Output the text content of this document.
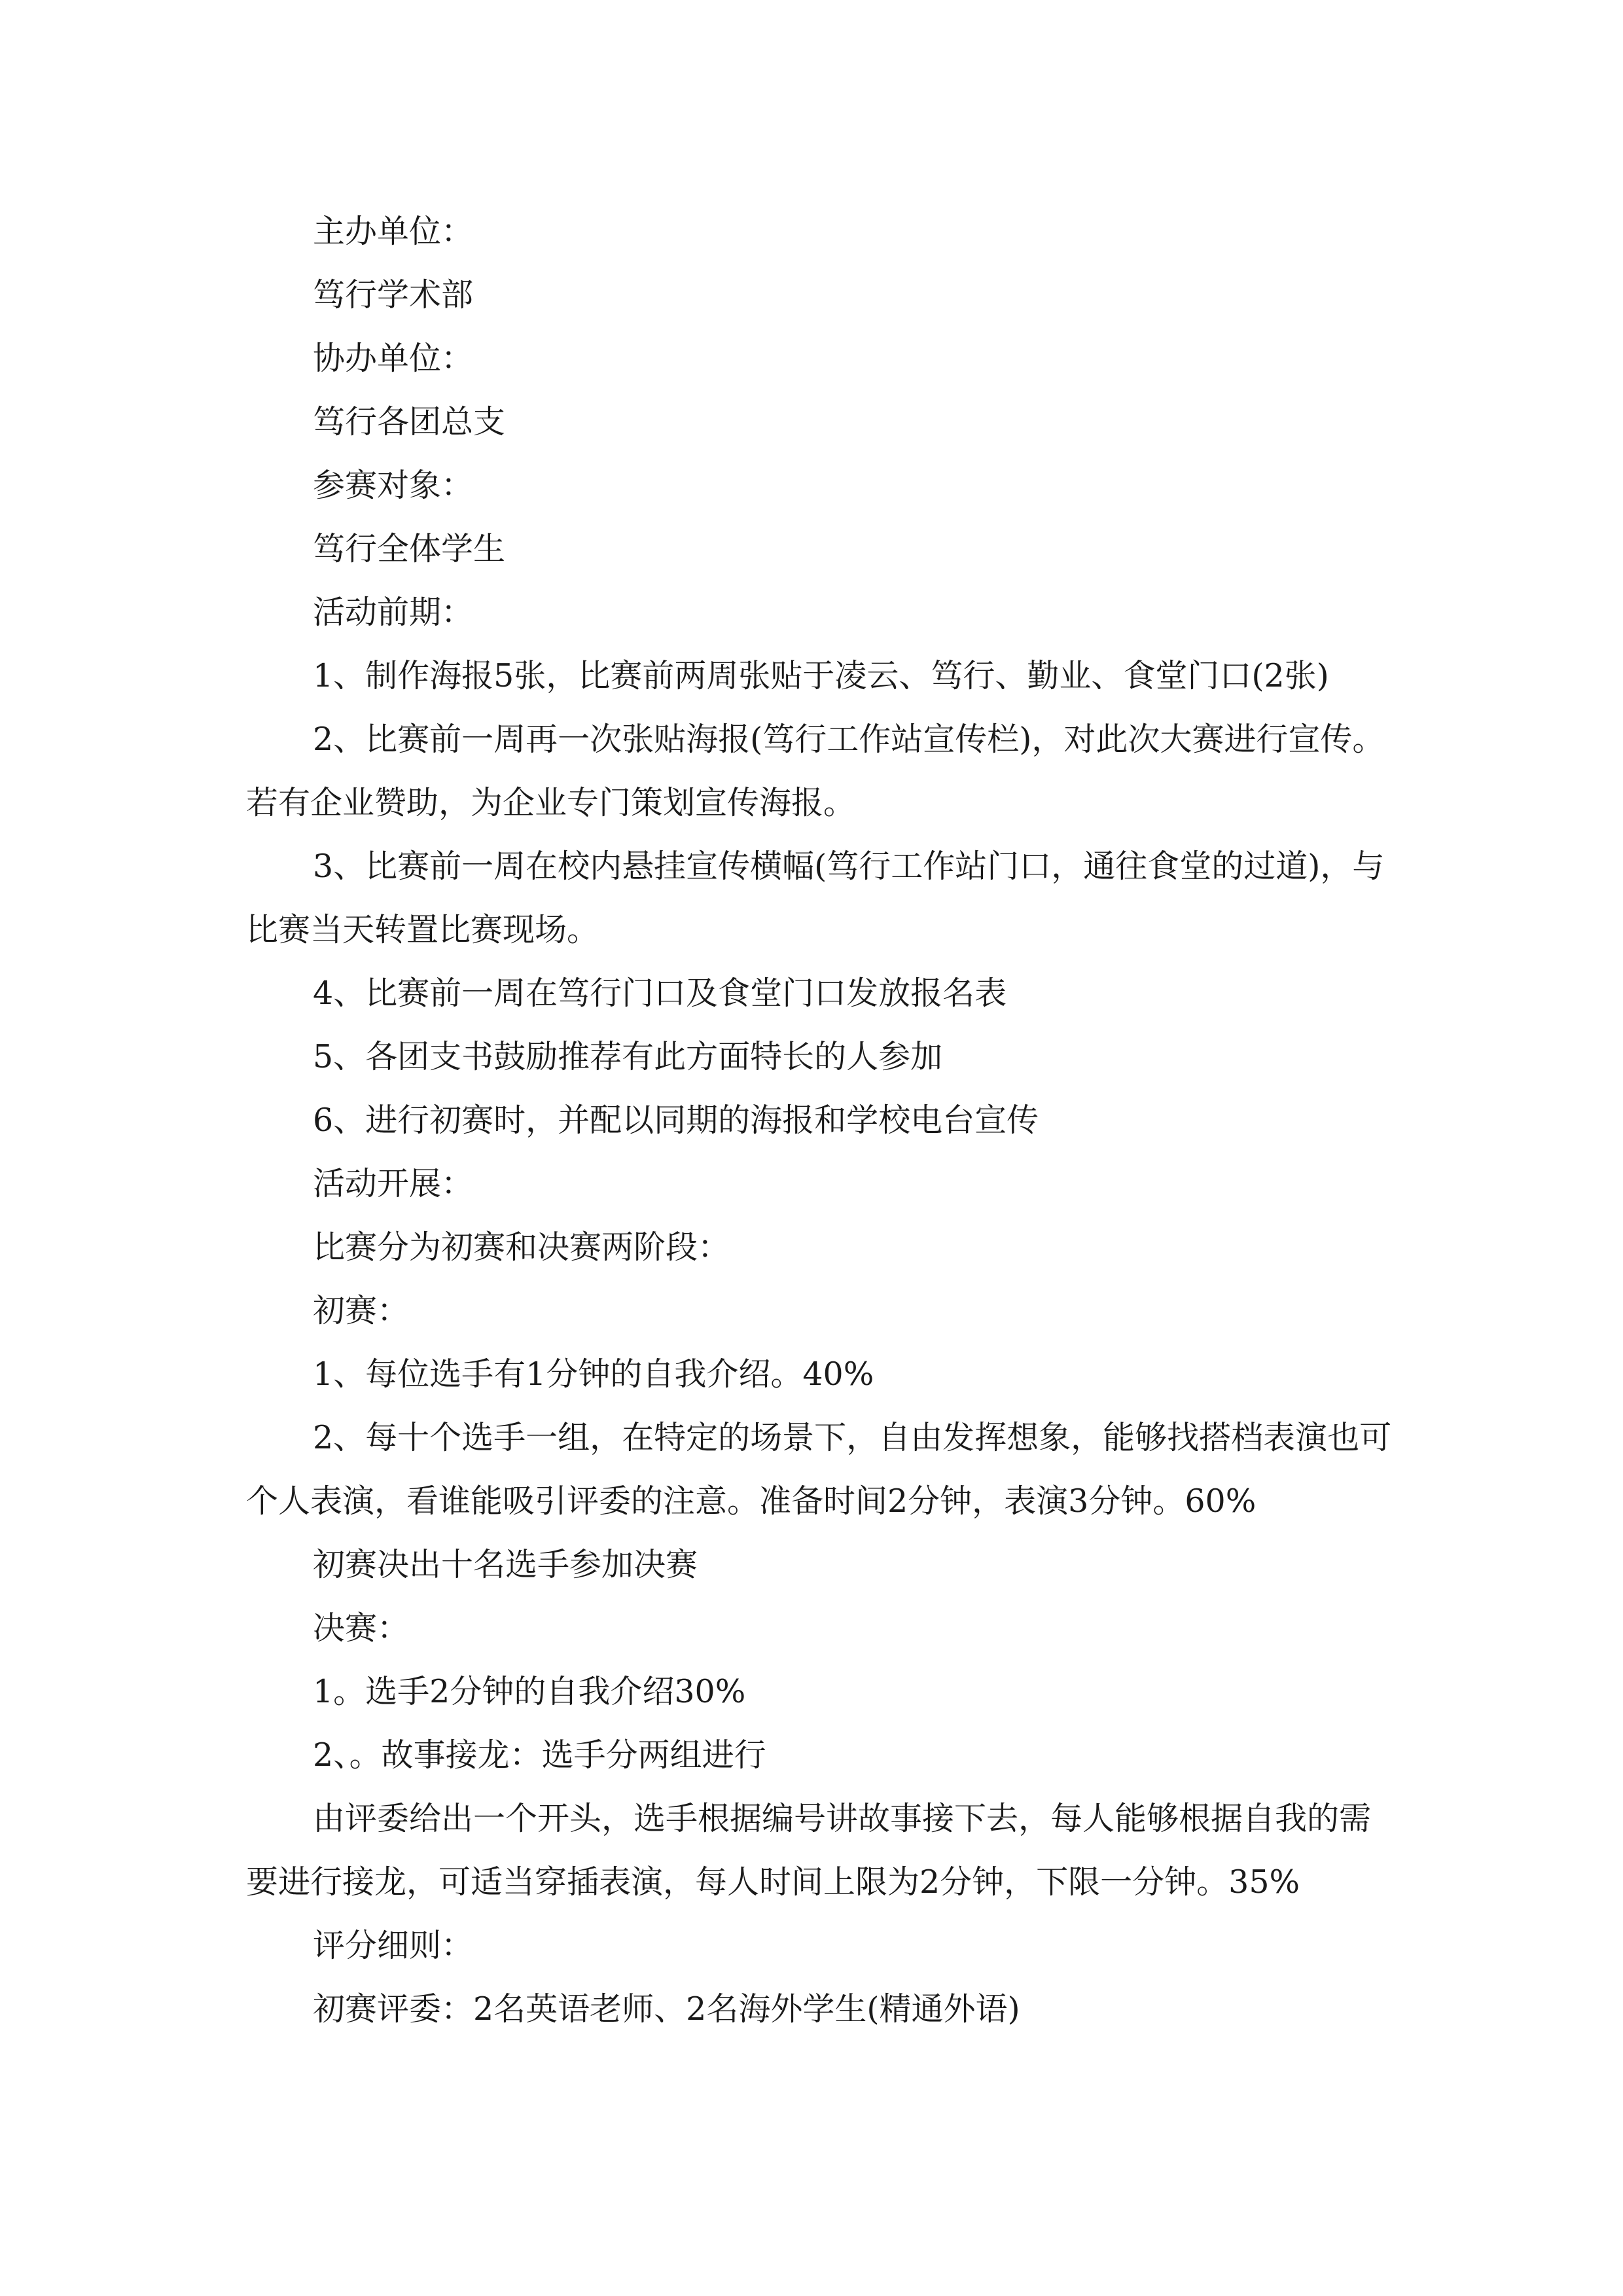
主办单位：

笃行学术部

协办单位：

笃行各团总支

参赛对象：

笃行全体学生

活动前期：

1、制作海报5张，比赛前两周张贴于凌云、笃行、勤业、食堂门口(2张)

2、比赛前一周再一次张贴海报(笃行工作站宣传栏)，对此次大赛进行宣传。若有企业赞助，为企业专门策划宣传海报。

3、比赛前一周在校内悬挂宣传横幅(笃行工作站门口，通往食堂的过道)，与比赛当天转置比赛现场。

4、比赛前一周在笃行门口及食堂门口发放报名表

5、各团支书鼓励推荐有此方面特长的人参加

6、进行初赛时，并配以同期的海报和学校电台宣传

活动开展：

比赛分为初赛和决赛两阶段：

初赛：

1、每位选手有1分钟的自我介绍。40%

2、每十个选手一组，在特定的场景下，自由发挥想象，能够找搭档表演也可个人表演，看谁能吸引评委的注意。准备时间2分钟，表演3分钟。60%

初赛决出十名选手参加决赛

决赛：

1。选手2分钟的自我介绍30%

2、。故事接龙：选手分两组进行

由评委给出一个开头，选手根据编号讲故事接下去，每人能够根据自我的需要进行接龙，可适当穿插表演，每人时间上限为2分钟，下限一分钟。35%

评分细则：

初赛评委：2名英语老师、2名海外学生(精通外语)
